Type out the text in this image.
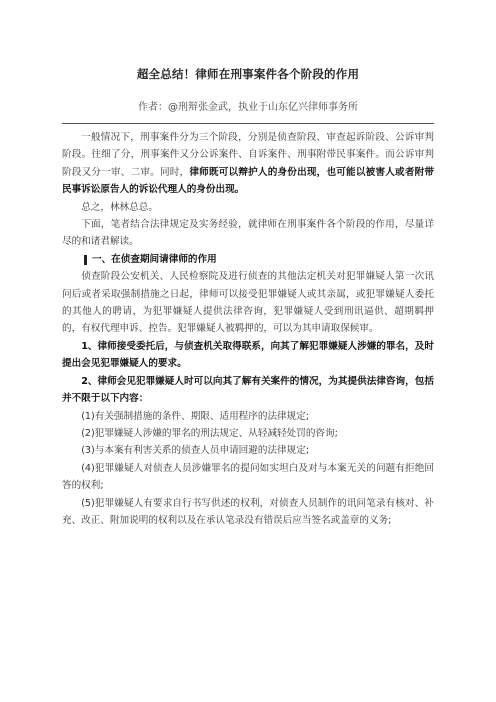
超全总结！律师在刑事案件各个阶段的作用
作者：@刑辩张金武，执业于山东亿兴律师事务所

一般情况下，刑事案件分为三个阶段，分别是侦查阶段、审查起诉阶段、公诉审判阶段。往细了分，刑事案件又分公诉案件、自诉案件、刑事附带民事案件。而公诉审判阶段又分一审、二审。同时，律师既可以辩护人的身份出现，也可能以被害人或者附带民事诉讼原告人的诉讼代理人的身份出现。

总之，林林总总。

下面，笔者结合法律规定及实务经验，就律师在刑事案件各个阶段的作用，尽量详尽的和诸君解读。

一、在侦查期间请律师的作用

侦查阶段公安机关、人民检察院及进行侦查的其他法定机关对犯罪嫌疑人第一次讯问后或者采取强制措施之日起，律师可以接受犯罪嫌疑人或其亲属，或犯罪嫌疑人委托的其他人的聘请，为犯罪嫌疑人提供法律咨询，犯罪嫌疑人受到刑讯逼供、超期羁押的，有权代理申诉、控告。犯罪嫌疑人被羁押的，可以为其申请取保候审。

1、律师接受委托后，与侦查机关取得联系，向其了解犯罪嫌疑人涉嫌的罪名，及时提出会见犯罪嫌疑人的要求。

2、律师会见犯罪嫌疑人时可以向其了解有关案件的情况，为其提供法律咨询，包括并不限于以下内容：

(1)有关强制措施的条件、期限、适用程序的法律规定;

(2)犯罪嫌疑人涉嫌的罪名的刑法规定、从轻减轻处罚的咨询;

(3)与本案有利害关系的侦查人员申请回避的法律规定;

(4)犯罪嫌疑人对侦查人员涉嫌罪名的提问如实坦白及对与本案无关的问题有拒绝回答的权利;

(5)犯罪嫌疑人有要求自行书写供述的权利，对侦查人员制作的讯问笔录有核对、补充、改正、附加说明的权利以及在承认笔录没有错误后应当签名或盖章的义务;
